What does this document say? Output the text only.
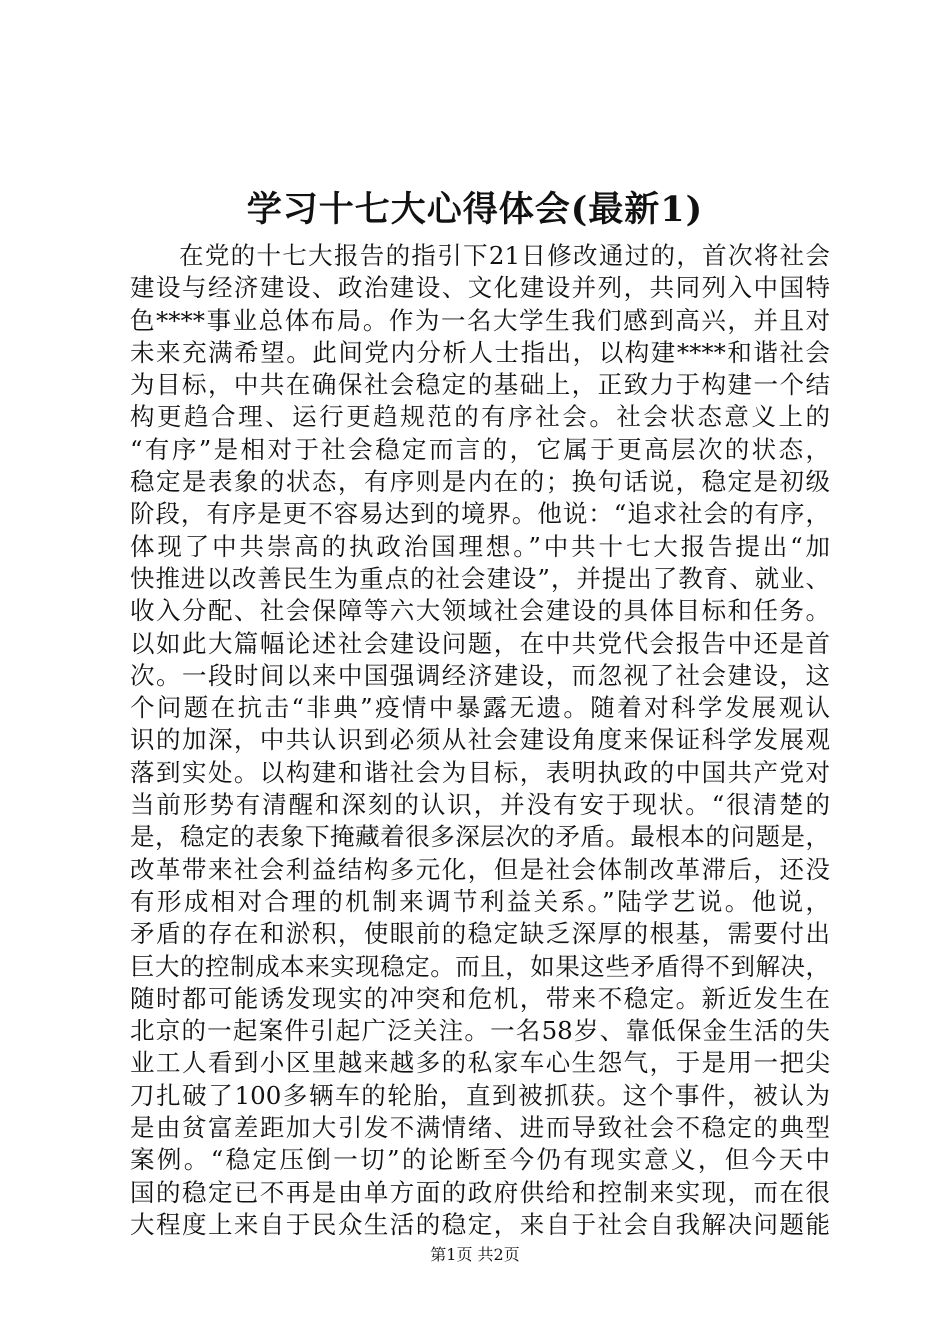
学习十七大心得体会(最新1)
在党的十七大报告的指引下21日修改通过的，首次将社会
建设与经济建设、政治建设、文化建设并列，共同列入中国特
色****事业总体布局。作为一名大学生我们感到高兴，并且对
未来充满希望。此间党内分析人士指出，以构建****和谐社会
为目标，中共在确保社会稳定的基础上，正致力于构建一个结
构更趋合理、运行更趋规范的有序社会。社会状态意义上的
“有序”是相对于社会稳定而言的，它属于更高层次的状态，
稳定是表象的状态，有序则是内在的；换句话说，稳定是初级
阶段，有序是更不容易达到的境界。他说：“追求社会的有序，
体现了中共崇高的执政治国理想。”中共十七大报告提出“加
快推进以改善民生为重点的社会建设”，并提出了教育、就业、
收入分配、社会保障等六大领域社会建设的具体目标和任务。
以如此大篇幅论述社会建设问题，在中共党代会报告中还是首
次。一段时间以来中国强调经济建设，而忽视了社会建设，这
个问题在抗击“非典”疫情中暴露无遗。随着对科学发展观认
识的加深，中共认识到必须从社会建设角度来保证科学发展观
落到实处。以构建和谐社会为目标，表明执政的中国共产党对
当前形势有清醒和深刻的认识，并没有安于现状。“很清楚的
是，稳定的表象下掩藏着很多深层次的矛盾。最根本的问题是，
改革带来社会利益结构多元化，但是社会体制改革滞后，还没
有形成相对合理的机制来调节利益关系。”陆学艺说。他说，
矛盾的存在和淤积，使眼前的稳定缺乏深厚的根基，需要付出
巨大的控制成本来实现稳定。而且，如果这些矛盾得不到解决，
随时都可能诱发现实的冲突和危机，带来不稳定。新近发生在
北京的一起案件引起广泛关注。一名58岁、靠低保金生活的失
业工人看到小区里越来越多的私家车心生怨气，于是用一把尖
刀扎破了100多辆车的轮胎，直到被抓获。这个事件，被认为
是由贫富差距加大引发不满情绪、进而导致社会不稳定的典型
案例。“稳定压倒一切”的论断至今仍有现实意义，但今天中
国的稳定已不再是由单方面的政府供给和控制来实现，而在很
大程度上来自于民众生活的稳定，来自于社会自我解决问题能
第1页 共2页
